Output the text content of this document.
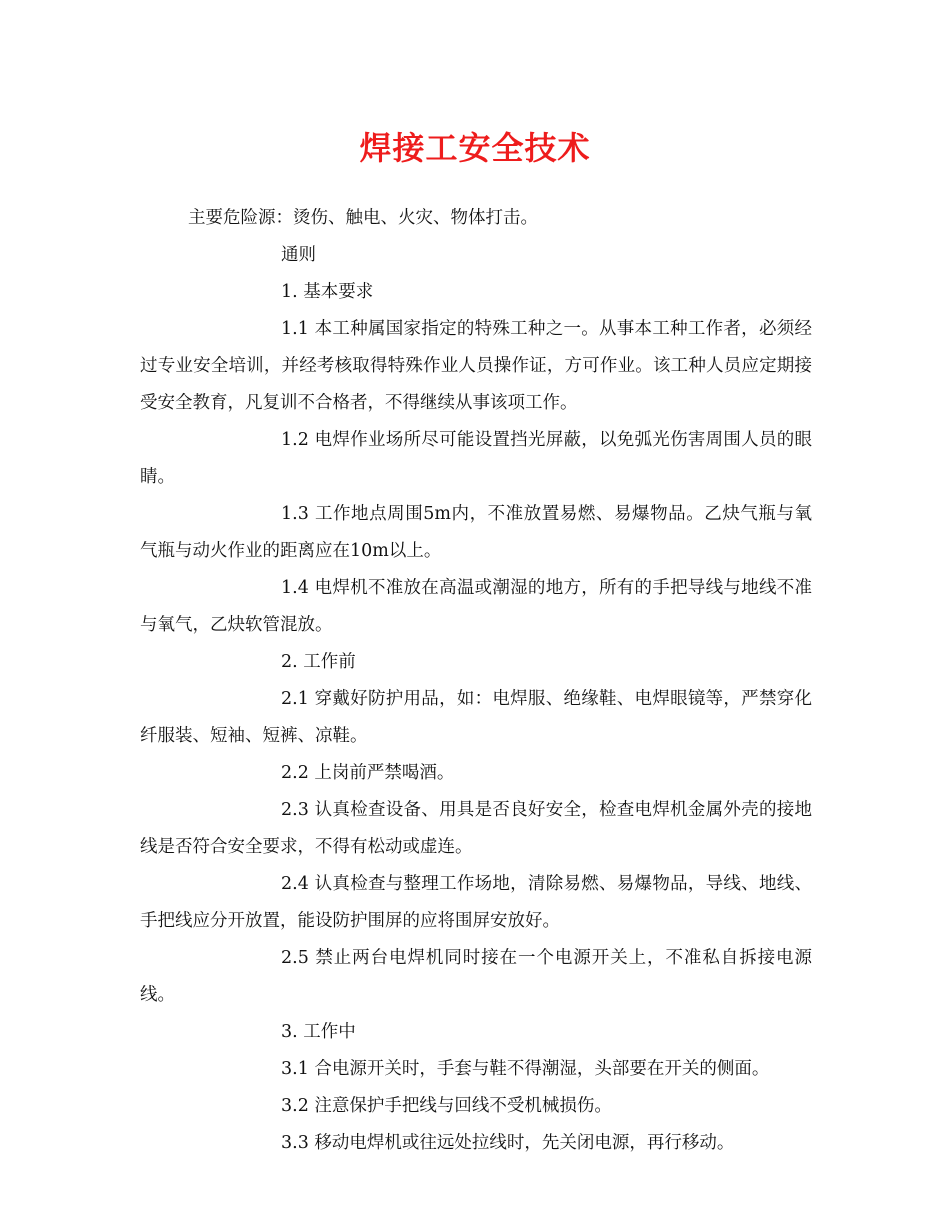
焊接工安全技术

主要危险源：烫伤、触电、火灾、物体打击。

通则

1. 基本要求

1.1 本工种属国家指定的特殊工种之一。从事本工种工作者，必须经过专业安全培训，并经考核取得特殊作业人员操作证，方可作业。该工种人员应定期接受安全教育，凡复训不合格者，不得继续从事该项工作。

1.2 电焊作业场所尽可能设置挡光屏蔽，以免弧光伤害周围人员的眼睛。

1.3 工作地点周围5m内，不准放置易燃、易爆物品。乙炔气瓶与氧气瓶与动火作业的距离应在10m以上。

1.4 电焊机不准放在高温或潮湿的地方，所有的手把导线与地线不准与氧气，乙炔软管混放。

2. 工作前

2.1 穿戴好防护用品，如：电焊服、绝缘鞋、电焊眼镜等，严禁穿化纤服装、短袖、短裤、凉鞋。

2.2 上岗前严禁喝酒。

2.3 认真检查设备、用具是否良好安全，检查电焊机金属外壳的接地线是否符合安全要求，不得有松动或虚连。

2.4 认真检查与整理工作场地，清除易燃、易爆物品，导线、地线、手把线应分开放置，能设防护围屏的应将围屏安放好。

2.5 禁止两台电焊机同时接在一个电源开关上，不准私自拆接电源线。

3. 工作中

3.1 合电源开关时，手套与鞋不得潮湿，头部要在开关的侧面。

3.2 注意保护手把线与回线不受机械损伤。

3.3 移动电焊机或往远处拉线时，先关闭电源，再行移动。
